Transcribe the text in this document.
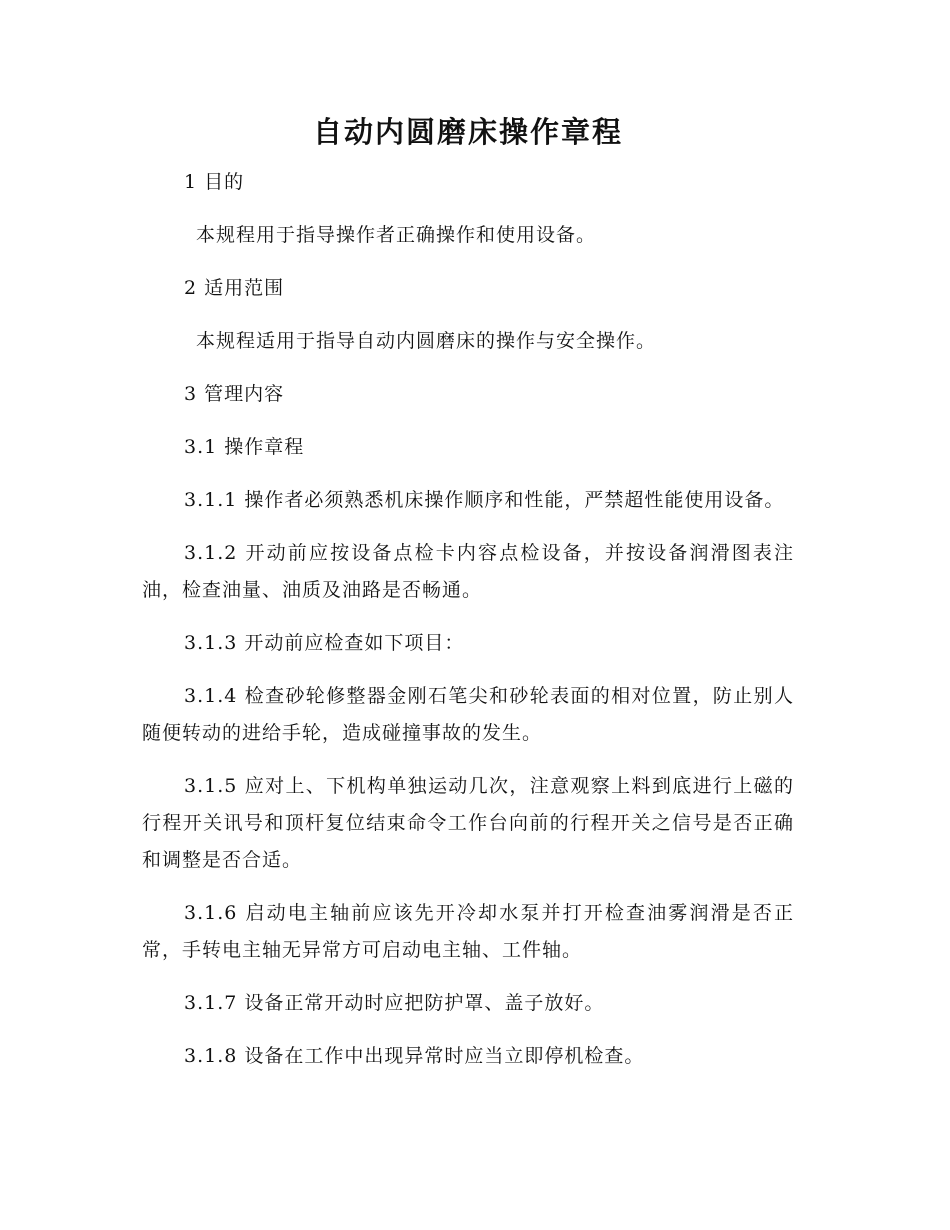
自动内圆磨床操作章程

1 目的

本规程用于指导操作者正确操作和使用设备。

2 适用范围

本规程适用于指导自动内圆磨床的操作与安全操作。

3 管理内容

3.1 操作章程

3.1.1 操作者必须熟悉机床操作顺序和性能，严禁超性能使用设备。

3.1.2 开动前应按设备点检卡内容点检设备，并按设备润滑图表注油，检查油量、油质及油路是否畅通。

3.1.3 开动前应检查如下项目：

3.1.4 检查砂轮修整器金刚石笔尖和砂轮表面的相对位置，防止别人随便转动的进给手轮，造成碰撞事故的发生。

3.1.5 应对上、下机构单独运动几次，注意观察上料到底进行上磁的行程开关讯号和顶杆复位结束命令工作台向前的行程开关之信号是否正确和调整是否合适。

3.1.6 启动电主轴前应该先开冷却水泵并打开检查油雾润滑是否正常，手转电主轴无异常方可启动电主轴、工件轴。

3.1.7 设备正常开动时应把防护罩、盖子放好。

3.1.8 设备在工作中出现异常时应当立即停机检查。
